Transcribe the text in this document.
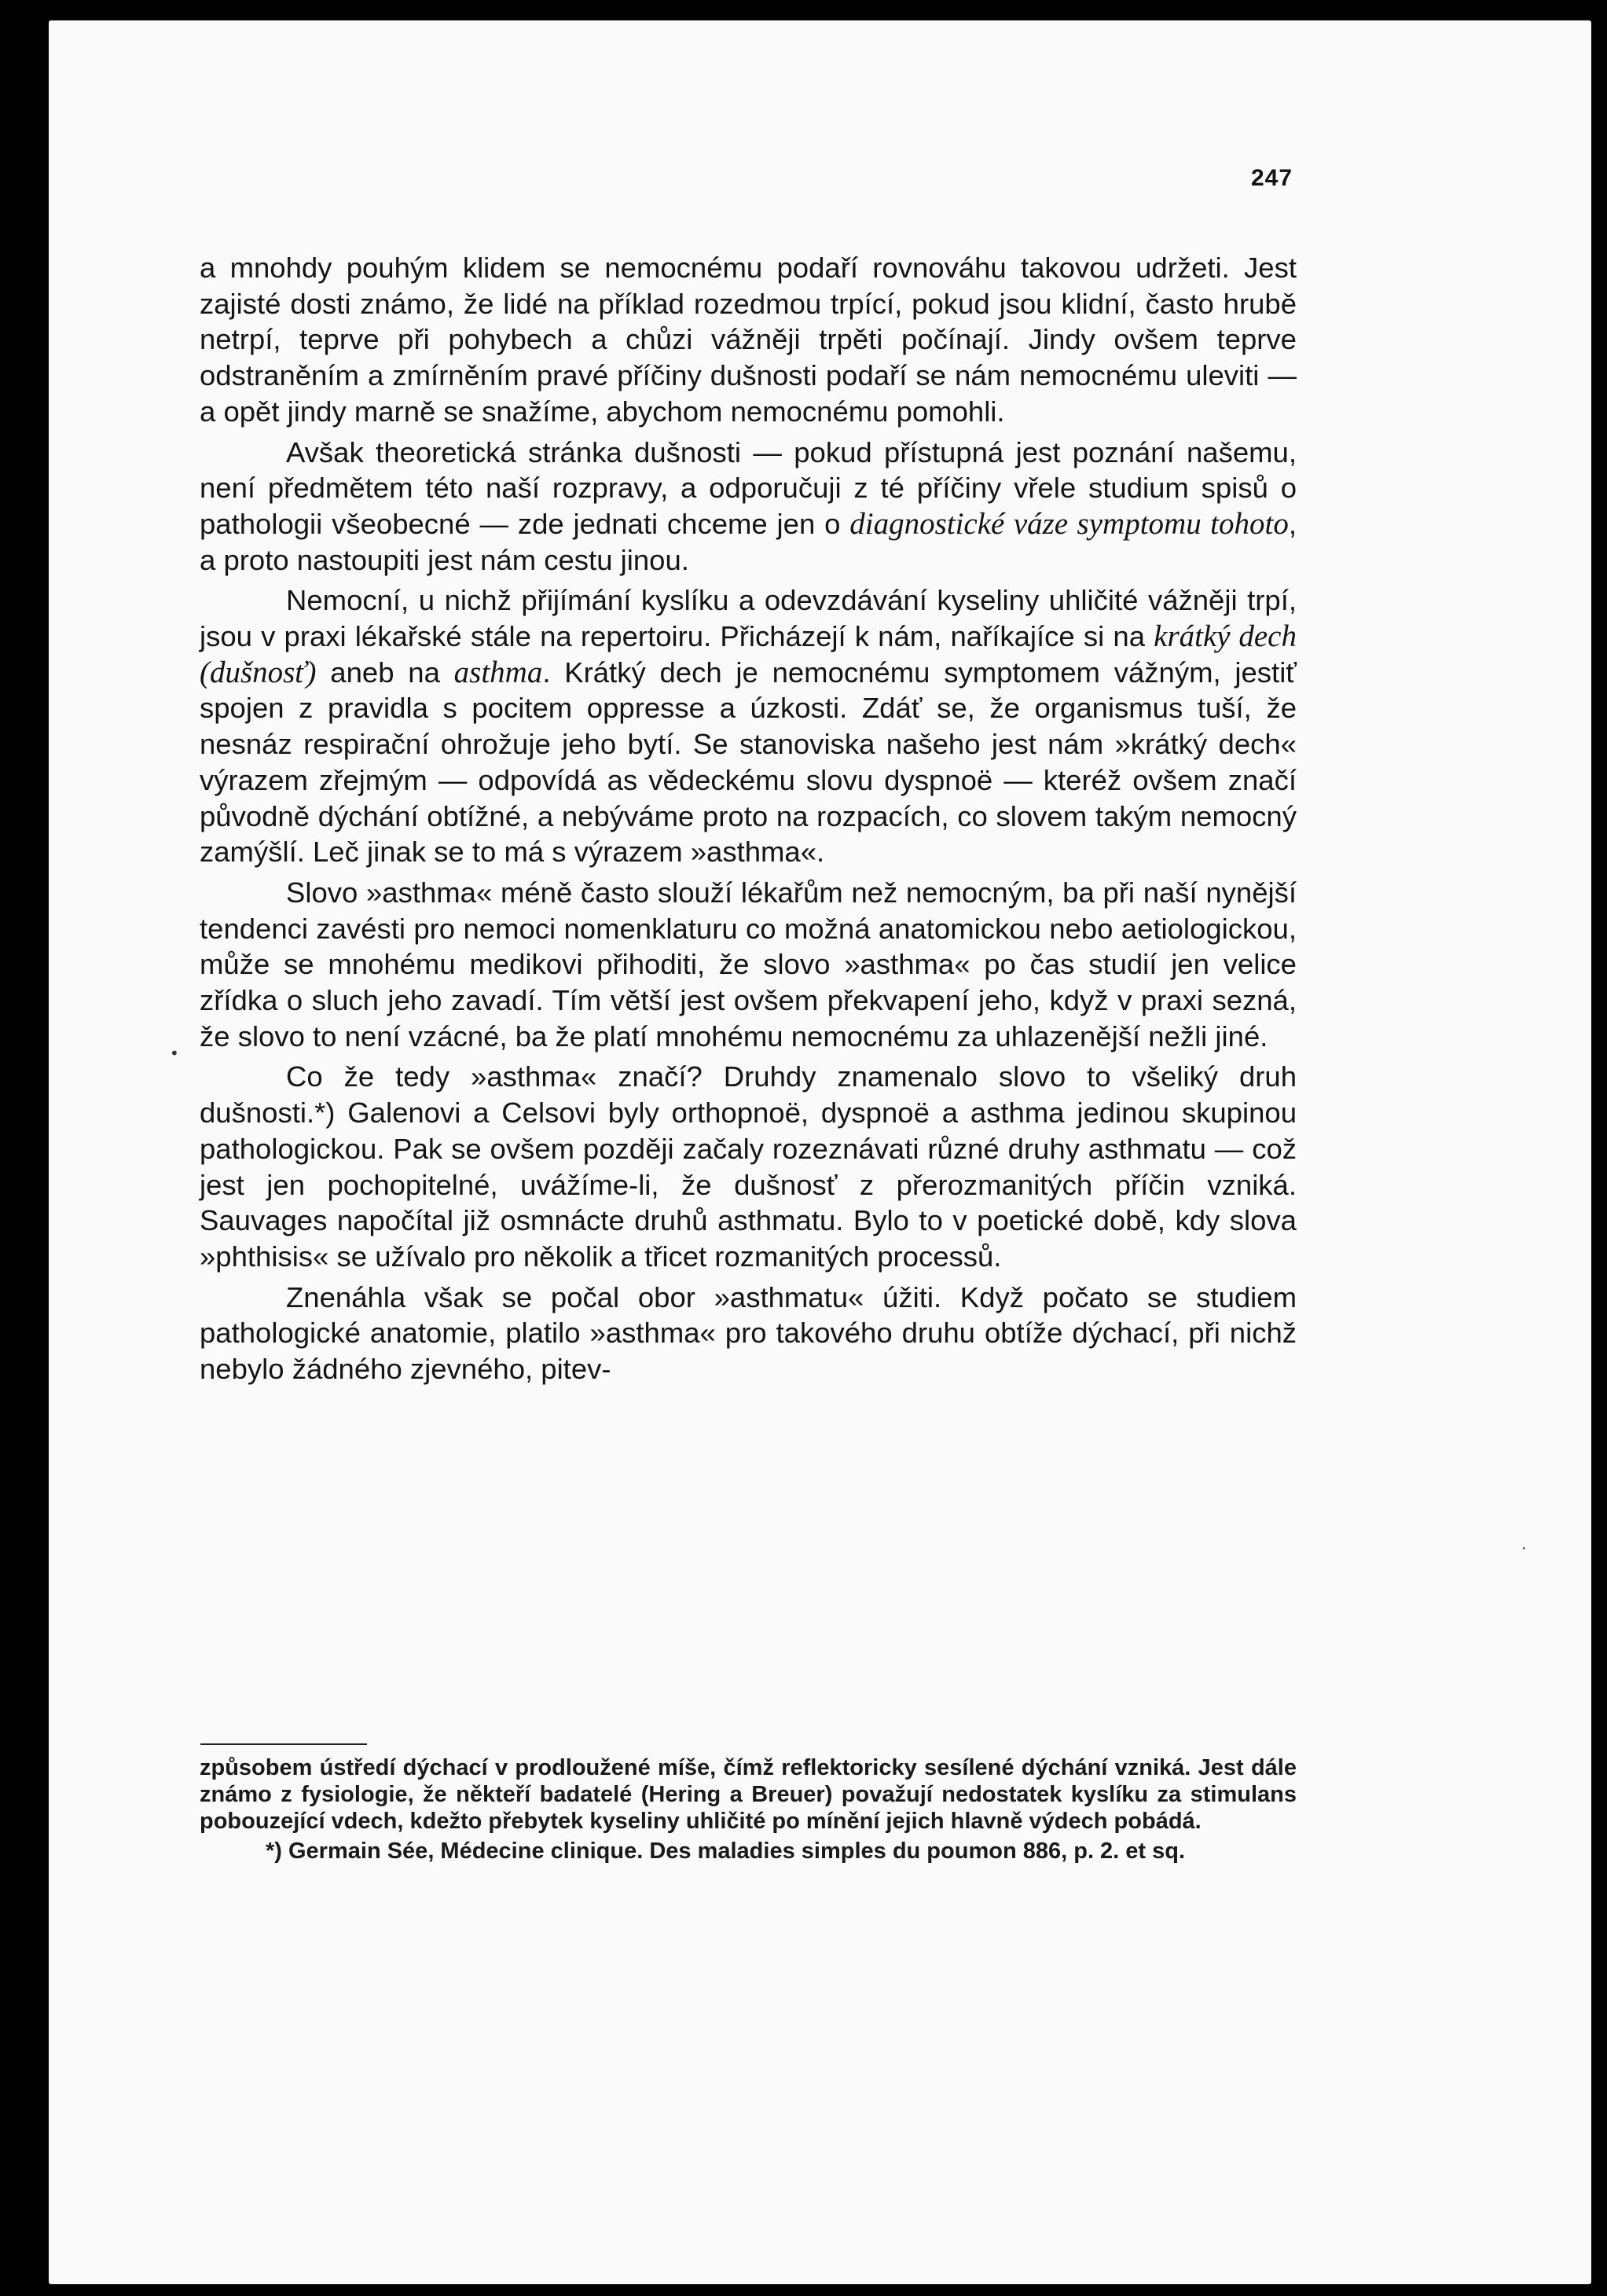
247

a mnohdy pouhým klidem se nemocnému podaří rovnováhu takovou udržeti. Jest zajisté dosti známo, že lidé na příklad rozedmou trpící, pokud jsou klidní, často hrubě netrpí, teprve při pohybech a chůzi vážněji trpěti počínají. Jindy ovšem teprve odstraněním a zmírněním pravé příčiny dušnosti podaří se nám nemocnému uleviti — a opět jindy marně se snažíme, abychom nemocnému pomohli.

Avšak theoretická stránka dušnosti — pokud přístupná jest poznání našemu, není předmětem této naší rozpravy, a odporučuji z té příčiny vřele studium spisů o pathologii všeobecné — zde jednati chceme jen o diagnostické váze symptomu tohoto, a proto nastoupiti jest nám cestu jinou.

Nemocní, u nichž přijímání kyslíku a odevzdávání kyseliny uhličité vážněji trpí, jsou v praxi lékařské stále na repertoiru. Přicházejí k nám, naříkajíce si na krátký dech (dušnosť) aneb na asthma. Krátký dech je nemocnému symptomem vážným, jestiť spojen z pravidla s pocitem oppresse a úzkosti. Zdáť se, že organismus tuší, že nesnáz respirační ohrožuje jeho bytí. Se stanoviska našeho jest nám »krátký dech« výrazem zřejmým — odpovídá as vědeckému slovu dyspnoë — kteréž ovšem značí původně dýchání obtížné, a nebýváme proto na rozpacích, co slovem takým nemocný zamýšlí. Leč jinak se to má s výrazem »asthma«.

Slovo »asthma« méně často slouží lékařům než nemocným, ba při naší nynější tendenci zavésti pro nemoci nomenklaturu co možná anatomickou nebo aetiologickou, může se mnohému medikovi přihoditi, že slovo »asthma« po čas studií jen velice zřídka o sluch jeho zavadí. Tím větší jest ovšem překvapení jeho, když v praxi sezná, že slovo to není vzácné, ba že platí mnohému nemocnému za uhlazenější nežli jiné.

Co že tedy »asthma« značí? Druhdy znamenalo slovo to všeliký druh dušnosti.*) Galenovi a Celsovi byly orthopnoë, dyspnoë a asthma jedinou skupinou pathologickou. Pak se ovšem později začaly rozeznávati různé druhy asthmatu — což jest jen pochopitelné, uvážíme-li, že dušnosť z přerozmanitých příčin vzniká. Sauvages napočítal již osmnácte druhů asthmatu. Bylo to v poetické době, kdy slova »phthisis« se užívalo pro několik a třicet rozmanitých processů.

Znenáhla však se počal obor »asthmatu« úžiti. Když počato se studiem pathologické anatomie, platilo »asthma« pro takového druhu obtíže dýchací, při nichž nebylo žádného zjevného, pitev-

způsobem ústředí dýchací v prodloužené míše, čímž reflektoricky sesílené dýchání vzniká. Jest dále známo z fysiologie, že někteří badatelé (Hering a Breuer) považují nedostatek kyslíku za stimulans pobouzející vdech, kdežto přebytek kyseliny uhličité po mínění jejich hlavně výdech pobádá.

*) Germain Sée, Médecine clinique. Des maladies simples du poumon 886, p. 2. et sq.

•
·
